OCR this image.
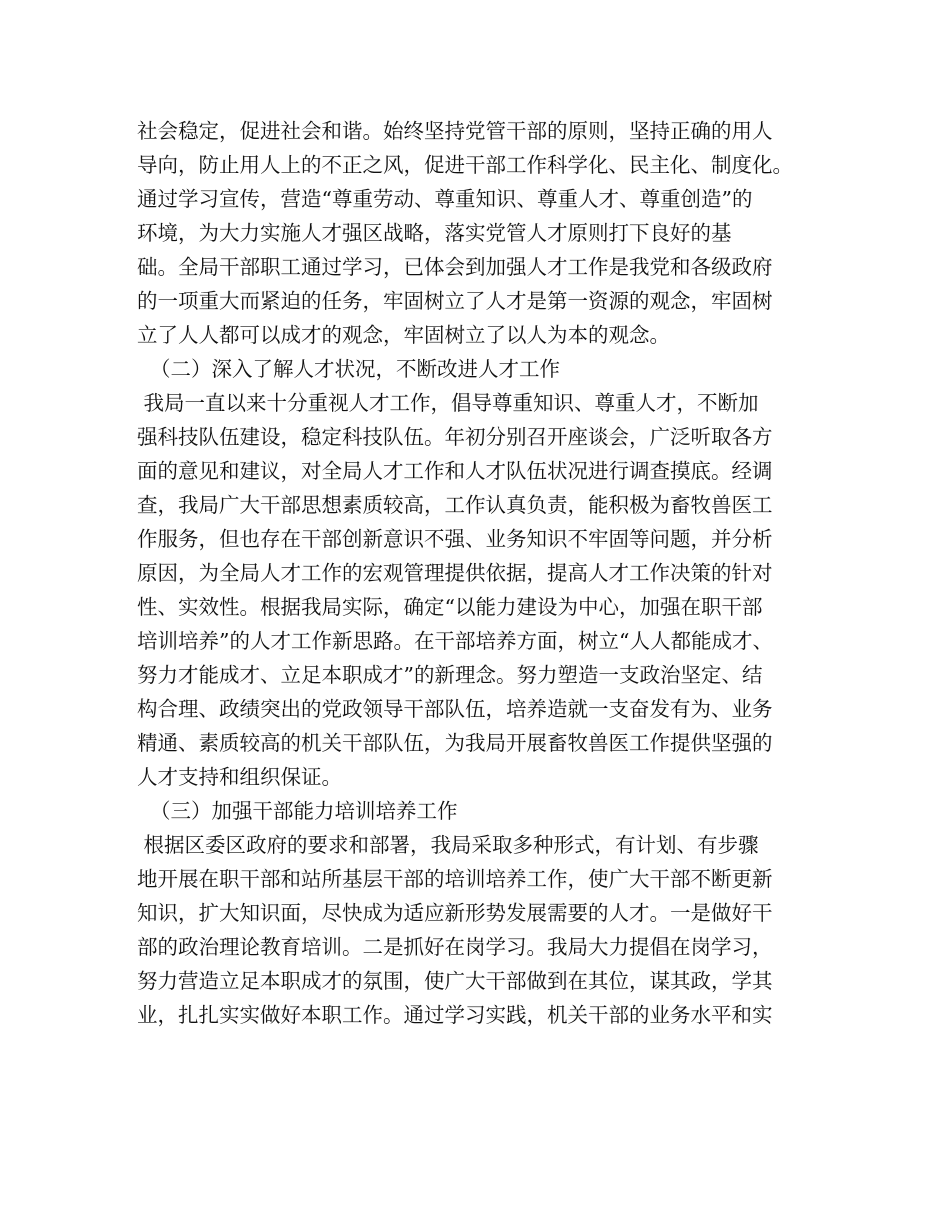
社会稳定，促进社会和谐。始终坚持党管干部的原则，坚持正确的用人
导向，防止用人上的不正之风，促进干部工作科学化、民主化、制度化。
通过学习宣传，营造“尊重劳动、尊重知识、尊重人才、尊重创造”的
环境，为大力实施人才强区战略，落实党管人才原则打下良好的基
础。全局干部职工通过学习，已体会到加强人才工作是我党和各级政府
的一项重大而紧迫的任务，牢固树立了人才是第一资源的观念，牢固树
立了人人都可以成才的观念，牢固树立了以人为本的观念。
（二）深入了解人才状况，不断改进人才工作
我局一直以来十分重视人才工作，倡导尊重知识、尊重人才，不断加
强科技队伍建设，稳定科技队伍。年初分别召开座谈会，广泛听取各方
面的意见和建议，对全局人才工作和人才队伍状况进行调查摸底。经调
查，我局广大干部思想素质较高，工作认真负责，能积极为畜牧兽医工
作服务，但也存在干部创新意识不强、业务知识不牢固等问题，并分析
原因，为全局人才工作的宏观管理提供依据，提高人才工作决策的针对
性、实效性。根据我局实际，确定“以能力建设为中心，加强在职干部
培训培养”的人才工作新思路。在干部培养方面，树立“人人都能成才、
努力才能成才、立足本职成才”的新理念。努力塑造一支政治坚定、结
构合理、政绩突出的党政领导干部队伍，培养造就一支奋发有为、业务
精通、素质较高的机关干部队伍，为我局开展畜牧兽医工作提供坚强的
人才支持和组织保证。
（三）加强干部能力培训培养工作
根据区委区政府的要求和部署，我局采取多种形式，有计划、有步骤
地开展在职干部和站所基层干部的培训培养工作，使广大干部不断更新
知识，扩大知识面，尽快成为适应新形势发展需要的人才。一是做好干
部的政治理论教育培训。二是抓好在岗学习。我局大力提倡在岗学习，
努力营造立足本职成才的氛围，使广大干部做到在其位，谋其政，学其
业，扎扎实实做好本职工作。通过学习实践，机关干部的业务水平和实
